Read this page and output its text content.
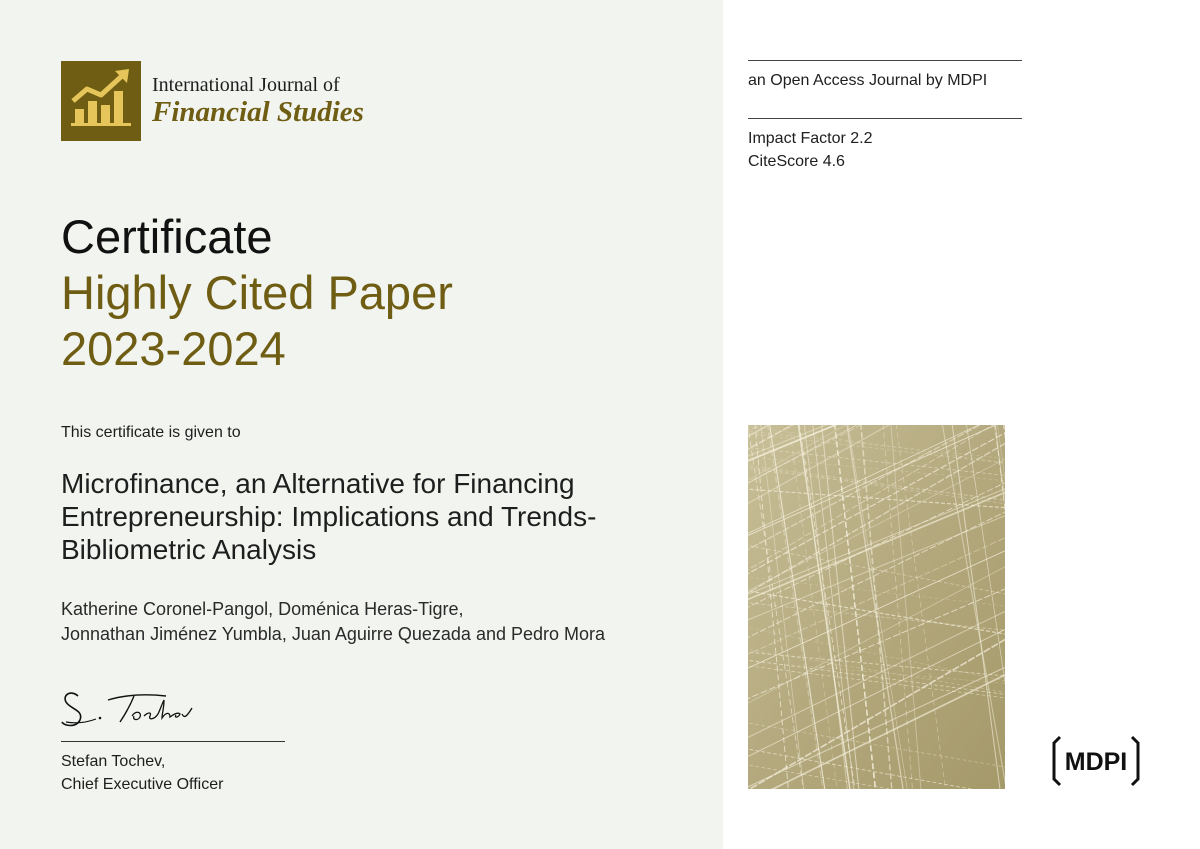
International Journal of
Financial Studies
Certificate
Highly Cited Paper
2023-2024
This certificate is given to
Microfinance, an Alternative for Financing Entrepreneurship: Implications and Trends-Bibliometric Analysis
Katherine Coronel-Pangol, Doménica Heras-Tigre,
Jonnathan Jiménez Yumbla, Juan Aguirre Quezada and Pedro Mora
Stefan Tochev,
Chief Executive Officer
an Open Access Journal by MDPI
Impact Factor 2.2
CiteScore 4.6
MDPI
